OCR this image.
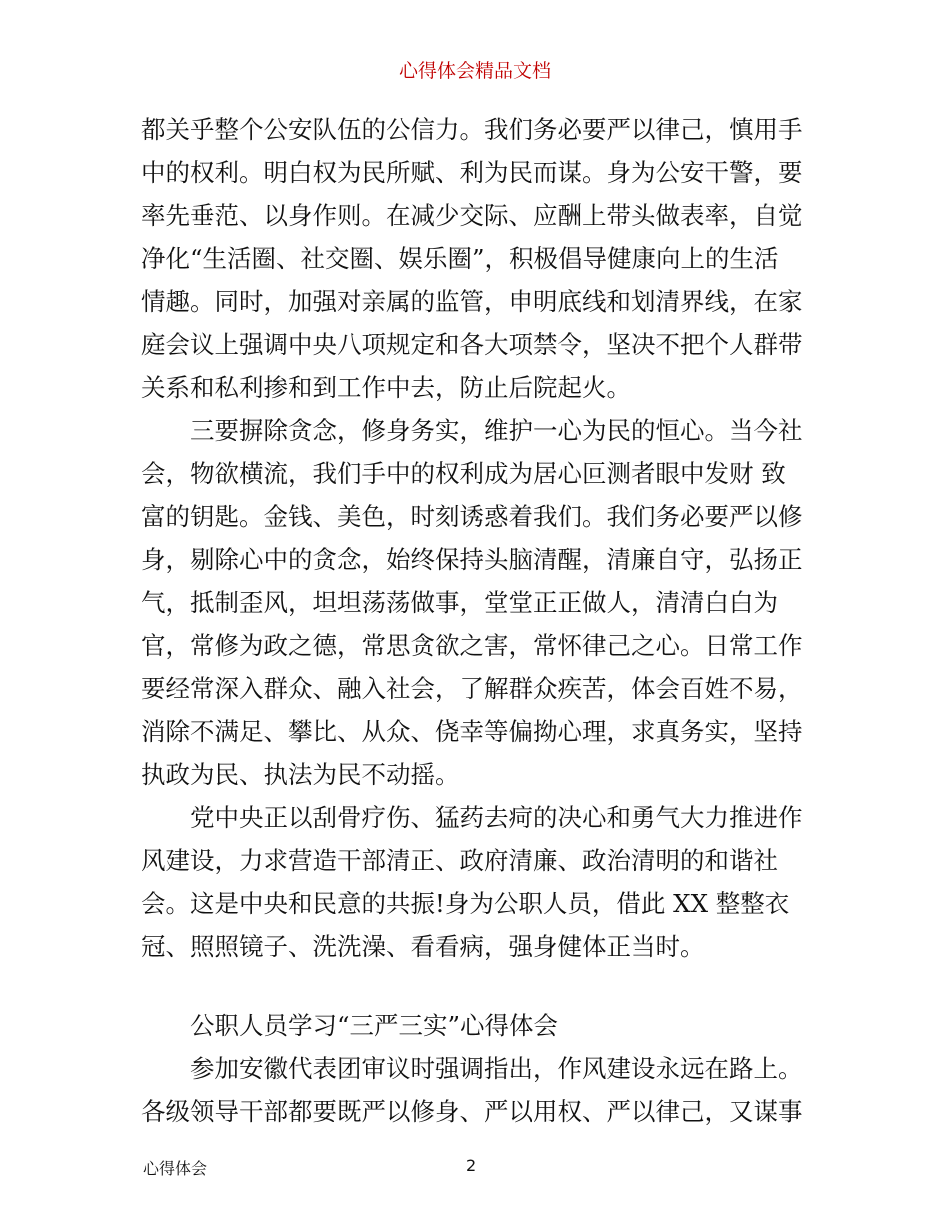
心得体会精品文档
都关乎整个公安队伍的公信力。我们务必要严以律己，慎用手
中的权利。明白权为民所赋、利为民而谋。身为公安干警，要
率先垂范、以身作则。在减少交际、应酬上带头做表率，自觉
净化“生活圈、社交圈、娱乐圈”，积极倡导健康向上的生活
情趣。同时，加强对亲属的监管，申明底线和划清界线，在家
庭会议上强调中央八项规定和各大项禁令，坚决不把个人群带
关系和私利掺和到工作中去，防止后院起火。
三要摒除贪念，修身务实，维护一心为民的恒心。当今社
会，物欲横流，我们手中的权利成为居心叵测者眼中发财 致
富的钥匙。金钱、美色，时刻诱惑着我们。我们务必要严以修
身，剔除心中的贪念，始终保持头脑清醒，清廉自守，弘扬正
气，抵制歪风，坦坦荡荡做事，堂堂正正做人，清清白白为
官，常修为政之德，常思贪欲之害，常怀律己之心。日常工作
要经常深入群众、融入社会，了解群众疾苦，体会百姓不易，
消除不满足、攀比、从众、侥幸等偏拗心理，求真务实，坚持
执政为民、执法为民不动摇。
党中央正以刮骨疗伤、猛药去疴的决心和勇气大力推进作
风建设，力求营造干部清正、政府清廉、政治清明的和谐社
会。这是中央和民意的共振!身为公职人员，借此 XX 整整衣
冠、照照镜子、洗洗澡、看看病，强身健体正当时。
公职人员学习“三严三实”心得体会
参加安徽代表团审议时强调指出，作风建设永远在路上。
各级领导干部都要既严以修身、严以用权、严以律己，又谋事
心得体会	2
